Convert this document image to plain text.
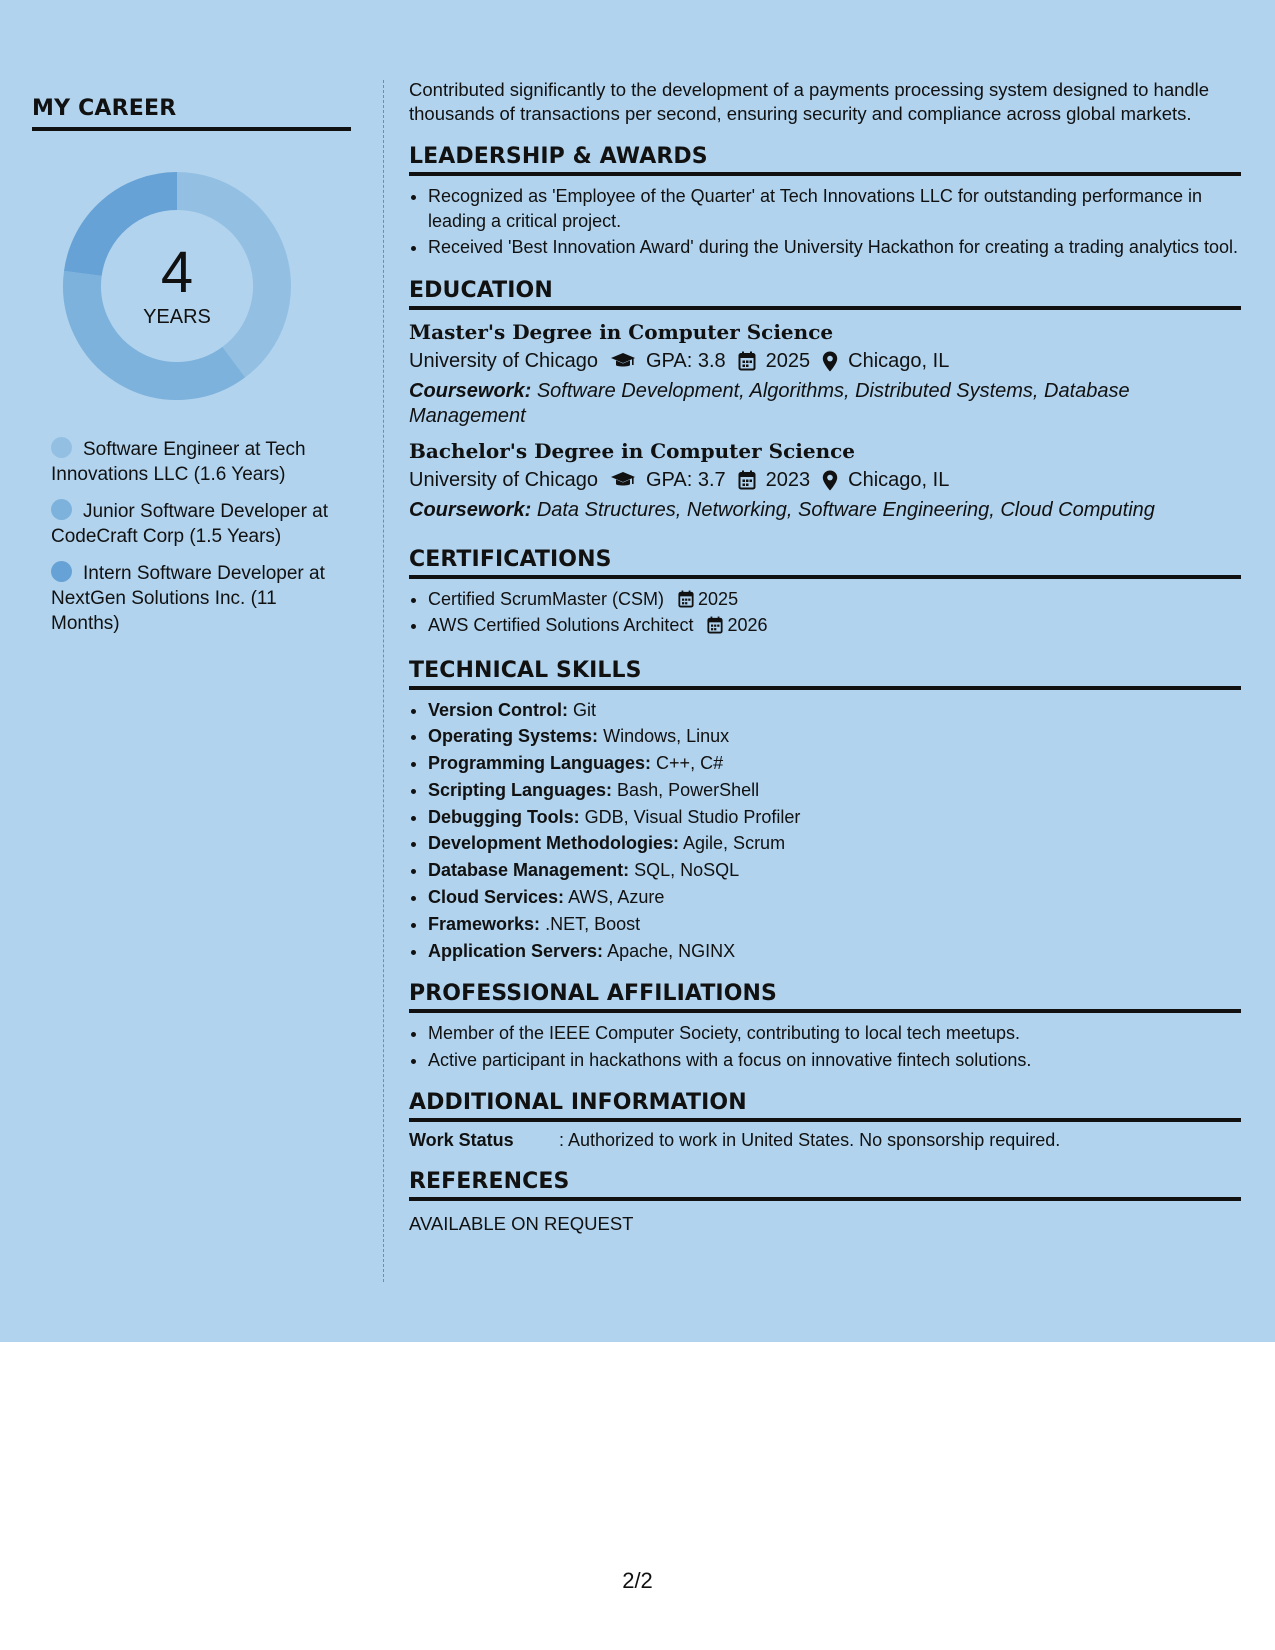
MY CAREER
4
YEARS
Software Engineer at Tech Innovations LLC (1.6 Years)
Junior Software Developer at CodeCraft Corp (1.5 Years)
Intern Software Developer at NextGen Solutions Inc. (11 Months)

Contributed significantly to the development of a payments processing system designed to handle thousands of transactions per second, ensuring security and compliance across global markets.

LEADERSHIP & AWARDS
• Recognized as 'Employee of the Quarter' at Tech Innovations LLC for outstanding performance in leading a critical project.
• Received 'Best Innovation Award' during the University Hackathon for creating a trading analytics tool.
EDUCATION
Master's Degree in Computer Science
University of Chicago GPA: 3.8 2025 Chicago, IL
Coursework: Software Development, Algorithms, Distributed Systems, Database Management
Bachelor's Degree in Computer Science
University of Chicago GPA: 3.7 2023 Chicago, IL
Coursework: Data Structures, Networking, Software Engineering, Cloud Computing
CERTIFICATIONS
• Certified ScrumMaster (CSM) 2025
• AWS Certified Solutions Architect 2026
TECHNICAL SKILLS
• Version Control: Git
• Operating Systems: Windows, Linux
• Programming Languages: C++, C#
• Scripting Languages: Bash, PowerShell
• Debugging Tools: GDB, Visual Studio Profiler
• Development Methodologies: Agile, Scrum
• Database Management: SQL, NoSQL
• Cloud Services: AWS, Azure
• Frameworks: .NET, Boost
• Application Servers: Apache, NGINX
PROFESSIONAL AFFILIATIONS
• Member of the IEEE Computer Society, contributing to local tech meetups.
• Active participant in hackathons with a focus on innovative fintech solutions.
ADDITIONAL INFORMATION
Work Status	: Authorized to work in United States. No sponsorship required.
REFERENCES
AVAILABLE ON REQUEST
2/2
